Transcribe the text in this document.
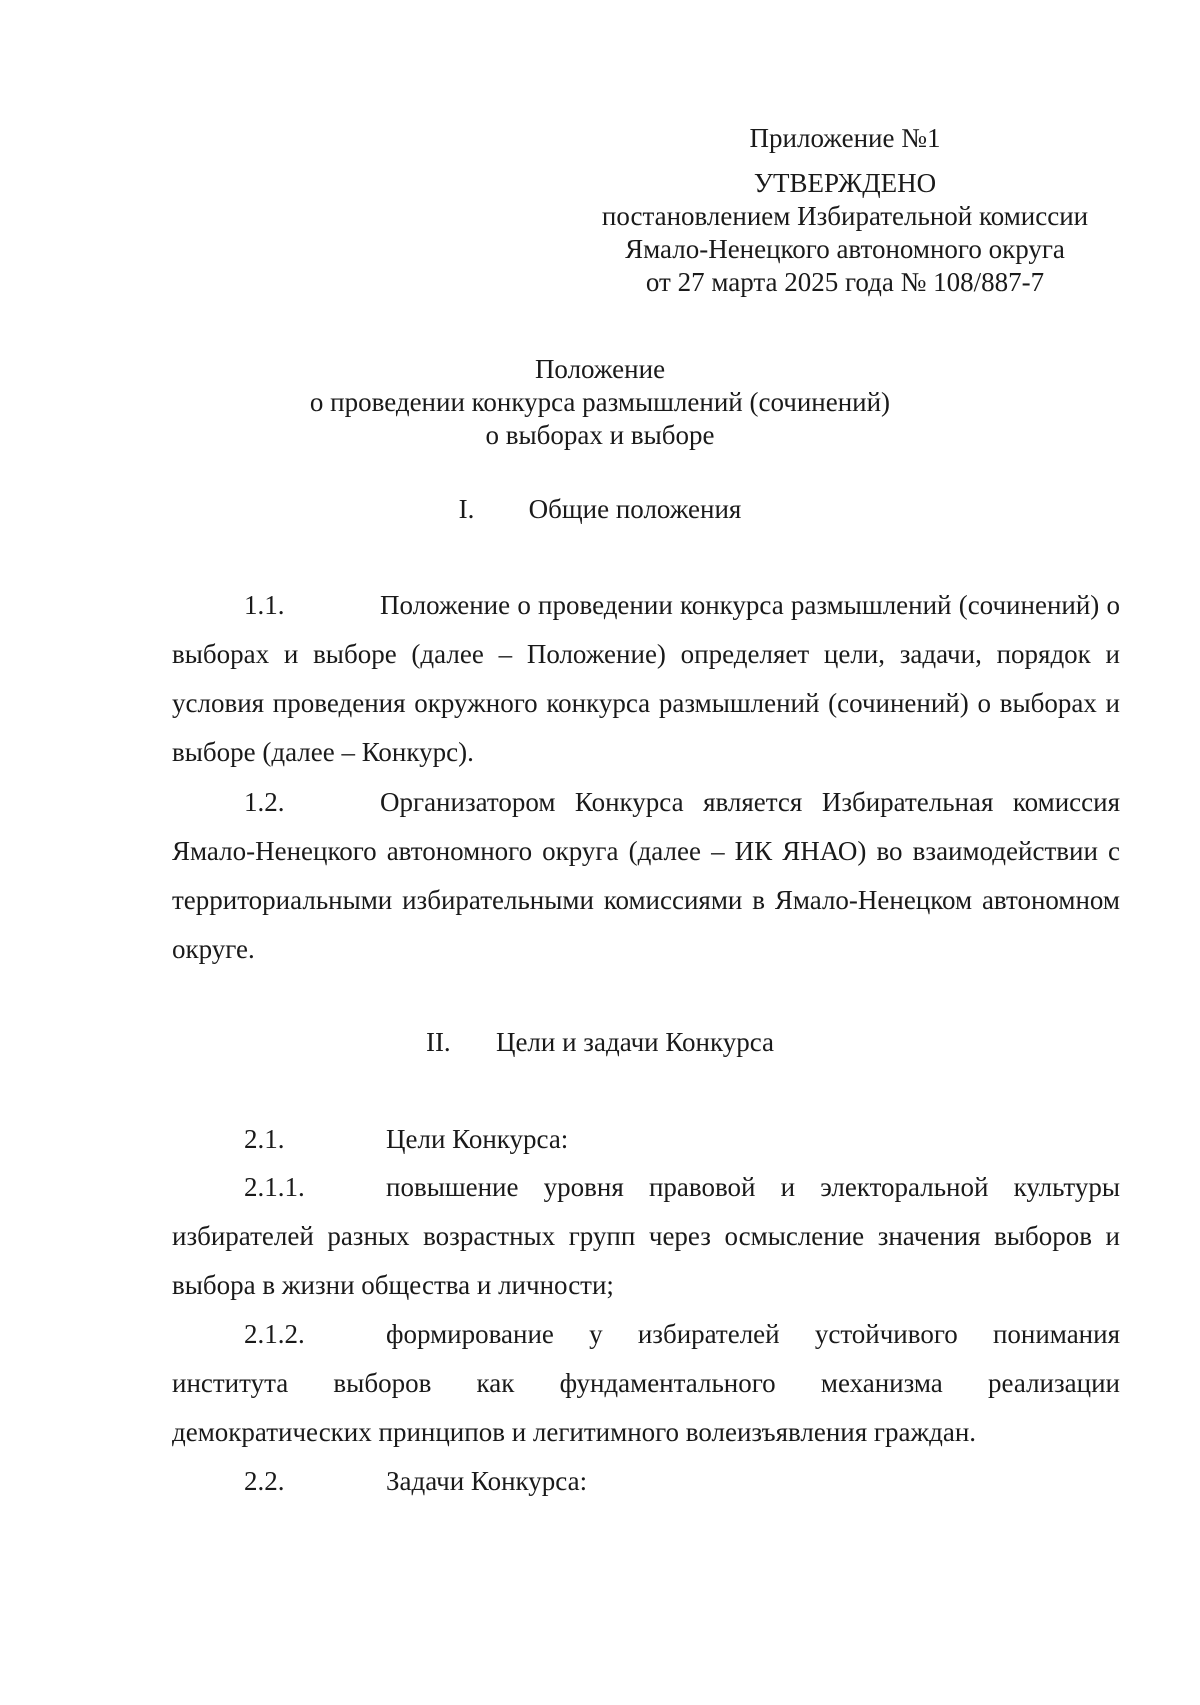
Приложение №1
УТВЕРЖДЕНО
постановлением Избирательной комиссии
Ямало-Ненецкого автономного округа
от 27 марта 2025 года № 108/887-7
Положение
о проведении конкурса размышлений (сочинений)
о выборах и выборе
I. Общие положения
1.1.	Положение о проведении конкурса размышлений (сочинений) о выборах и выборе (далее – Положение) определяет цели, задачи, порядок и условия проведения окружного конкурса размышлений (сочинений) о выборах и выборе (далее – Конкурс).
1.2.	Организатором Конкурса является Избирательная комиссия Ямало-Ненецкого автономного округа (далее – ИК ЯНАО) во взаимодействии с территориальными избирательными комиссиями в Ямало-Ненецком автономном округе.
II. Цели и задачи Конкурса
2.1.	Цели Конкурса:
2.1.1.	повышение уровня правовой и электоральной культуры избирателей разных возрастных групп через осмысление значения выборов и выбора в жизни общества и личности;
2.1.2.	формирование у избирателей устойчивого понимания института выборов как фундаментального механизма реализации демократических принципов и легитимного волеизъявления граждан.
2.2.	Задачи Конкурса:
